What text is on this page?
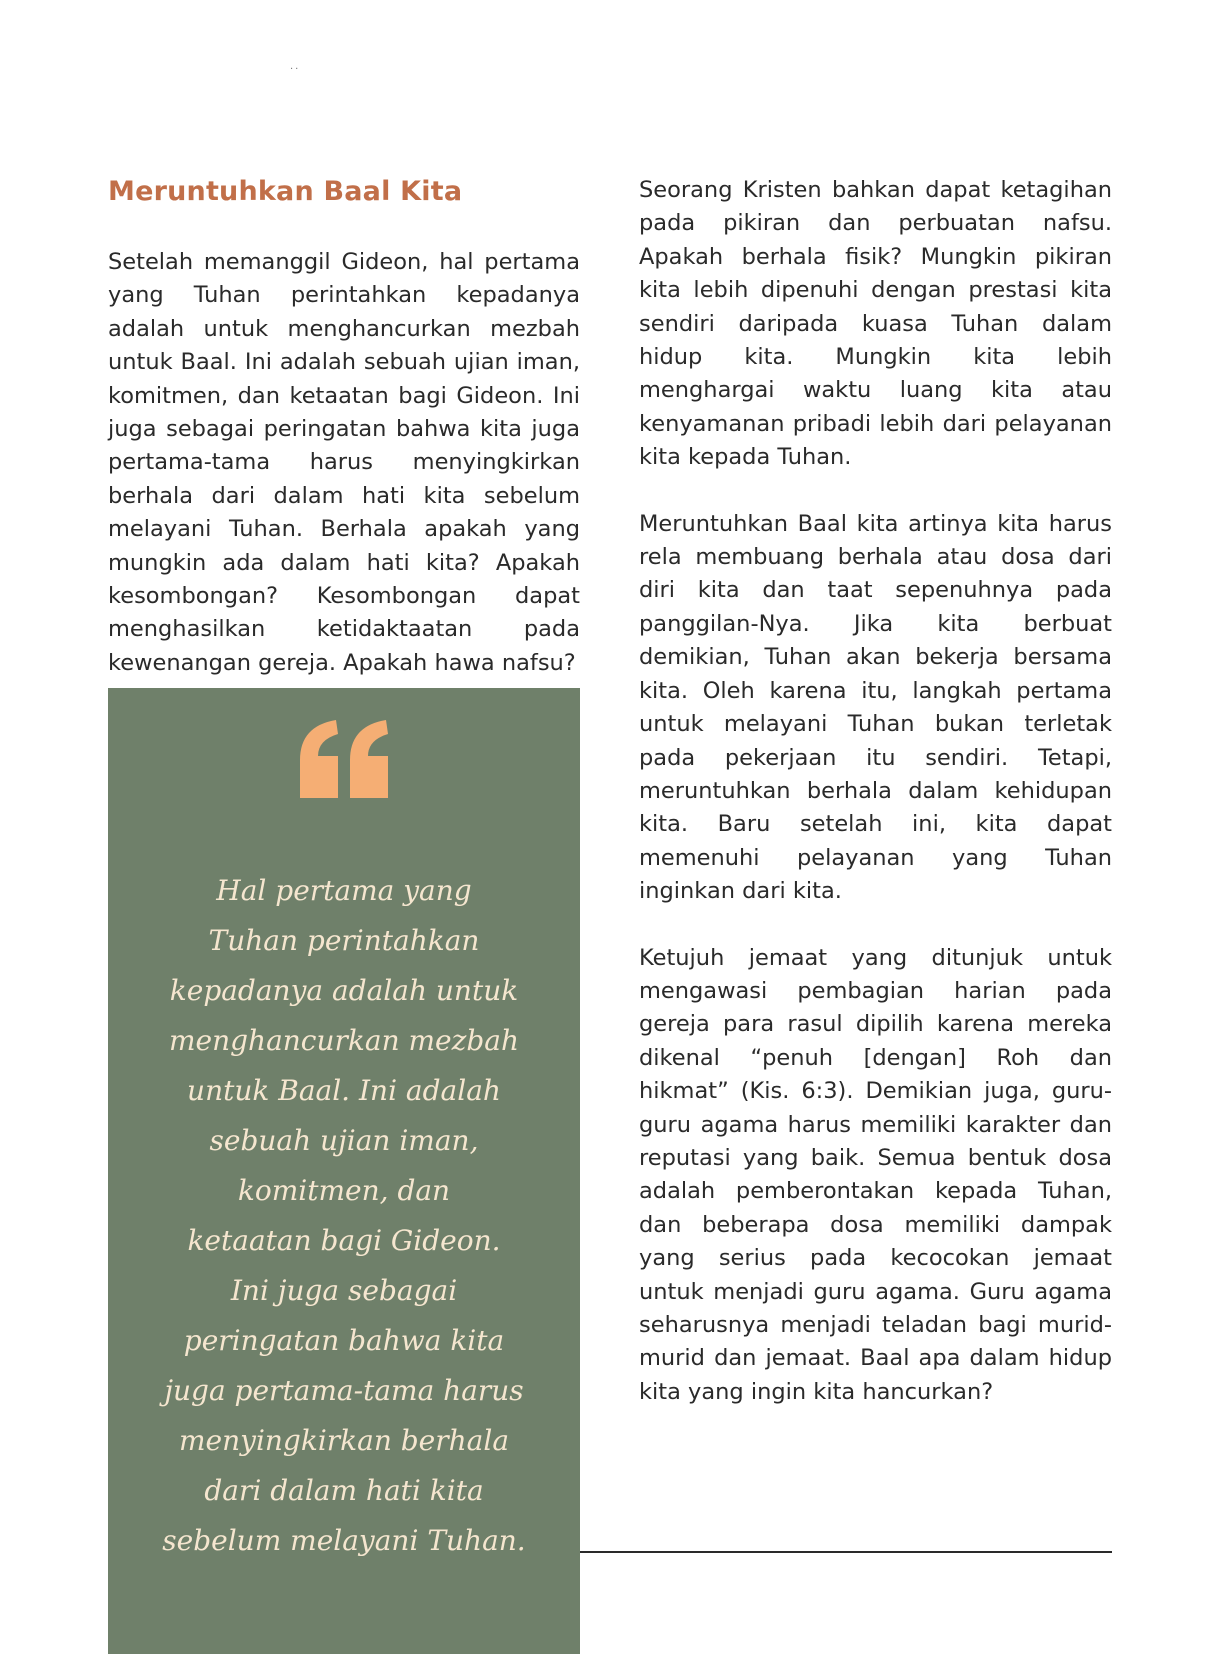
··
Meruntuhkan Baal Kita

Setelah memanggil Gideon, hal pertama yang Tuhan perintahkan kepadanya adalah untuk menghancurkan mezbah untuk Baal. Ini adalah sebuah ujian iman, komitmen, dan ketaatan bagi Gideon. Ini juga sebagai peringatan bahwa kita juga pertama-tama harus menyingkirkan berhala dari dalam hati kita sebelum melayani Tuhan. Berhala apakah yang mungkin ada dalam hati kita? Apakah kesombongan? Kesombongan dapat menghasilkan ketidaktaatan pada kewenangan gereja. Apakah hawa nafsu?

Hal pertama yang
Tuhan perintahkan
kepadanya adalah untuk
menghancurkan mezbah
untuk Baal. Ini adalah
sebuah ujian iman,
komitmen, dan
ketaatan bagi Gideon.
Ini juga sebagai
peringatan bahwa kita
juga pertama-tama harus
menyingkirkan berhala
dari dalam hati kita
sebelum melayani Tuhan.

Seorang Kristen bahkan dapat ketagihan pada pikiran dan perbuatan nafsu. Apakah berhala fisik? Mungkin pikiran kita lebih dipenuhi dengan prestasi kita sendiri daripada kuasa Tuhan dalam hidup kita. Mungkin kita lebih menghargai waktu luang kita atau kenyamanan pribadi lebih dari pelayanan kita kepada Tuhan.

Meruntuhkan Baal kita artinya kita harus rela membuang berhala atau dosa dari diri kita dan taat sepenuhnya pada panggilan-Nya. Jika kita berbuat demikian, Tuhan akan bekerja bersama kita. Oleh karena itu, langkah pertama untuk melayani Tuhan bukan terletak pada pekerjaan itu sendiri. Tetapi, meruntuhkan berhala dalam kehidupan kita. Baru setelah ini, kita dapat memenuhi pelayanan yang Tuhan inginkan dari kita.

Ketujuh jemaat yang ditunjuk untuk mengawasi pembagian harian pada gereja para rasul dipilih karena mereka dikenal “penuh [dengan] Roh dan hikmat” (Kis. 6:3). Demikian juga, guru-guru agama harus memiliki karakter dan reputasi yang baik. Semua bentuk dosa adalah pemberontakan kepada Tuhan, dan beberapa dosa memiliki dampak yang serius pada kecocokan jemaat untuk menjadi guru agama. Guru agama seharusnya menjadi teladan bagi murid-murid dan jemaat. Baal apa dalam hidup kita yang ingin kita hancurkan?
